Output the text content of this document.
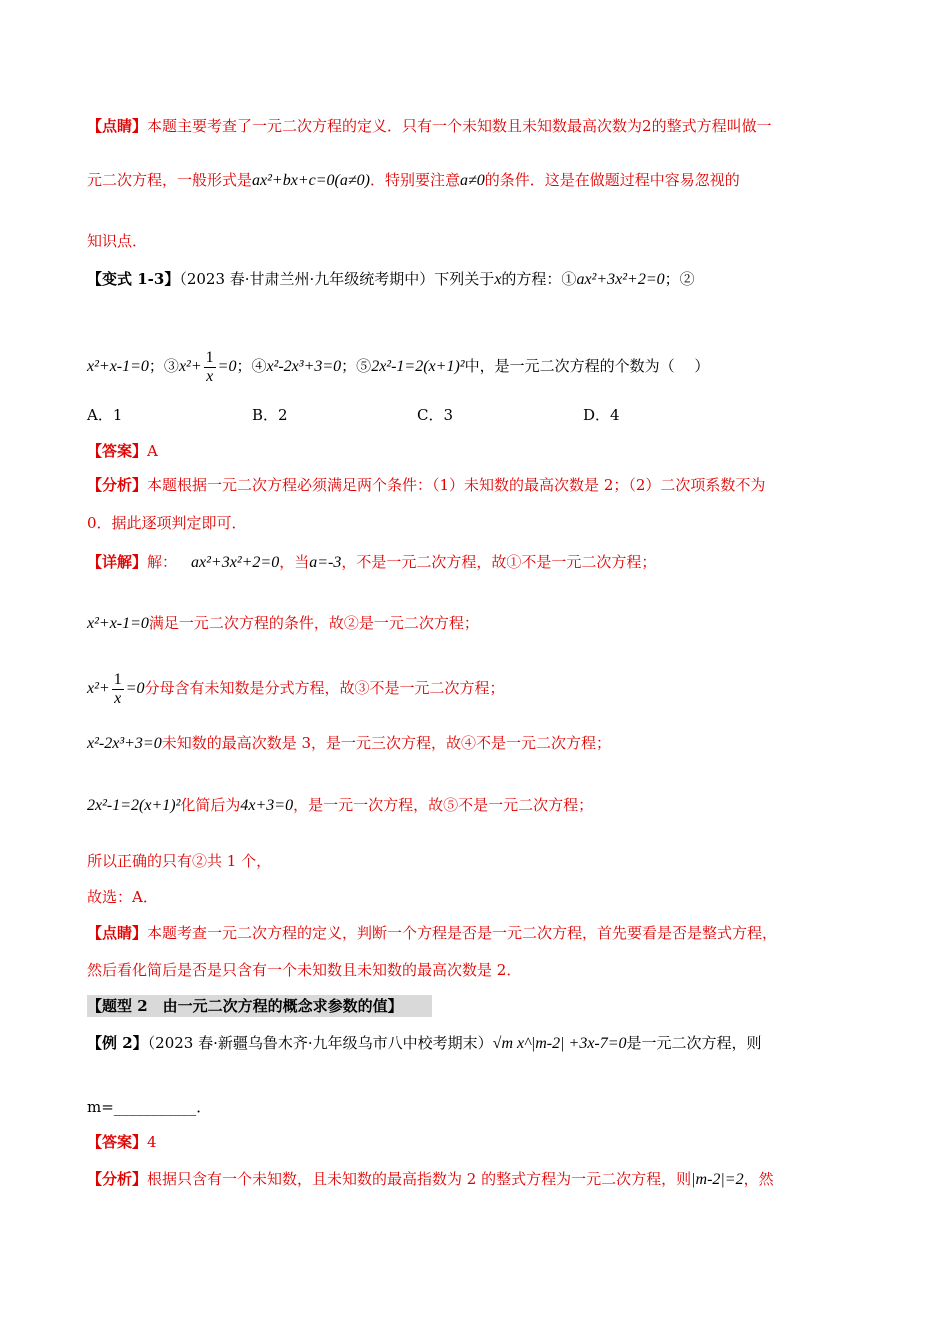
【点睛】本题主要考查了一元二次方程的定义．只有一个未知数且未知数最高次数为2的整式方程叫做一
元二次方程，一般形式是ax²+bx+c=0(a≠0)．特别要注意a≠0的条件．这是在做题过程中容易忽视的
知识点．
【变式 1-3】（2023 春·甘肃兰州·九年级统考期中）下列关于x的方程：①ax²+3x²+2=0；②
x²+x-1=0；③x²+ $\frac{1}{x} =0$；④x²-2x³+3=0；⑤2x²-1=2(x+1)²中，是一元二次方程的个数为（　 ）
A．1	B．2	C．3	D．4
【答案】A
【分析】本题根据一元二次方程必须满足两个条件：（1）未知数的最高次数是 2；（2）二次项系数不为
0．据此逐项判定即可．
【详解】解： ax²+3x²+2=0，当a=-3，不是一元二次方程，故①不是一元二次方程；
x²+x-1=0满足一元二次方程的条件，故②是一元二次方程；
$x^2+ \frac{1}{x} =0$分母含有未知数是分式方程，故③不是一元二次方程；
x²-2x³+3=0未知数的最高次数是 3，是一元三次方程，故④不是一元二次方程；
2x²-1=2(x+1)²化简后为4x+3=0，是一元一次方程，故⑤不是一元二次方程；
所以正确的只有②共 1 个，
故选：A．
【点睛】本题考查一元二次方程的定义，判断一个方程是否是一元二次方程，首先要看是否是整式方程，
然后看化简后是否是只含有一个未知数且未知数的最高次数是 2．
【题型 2　由一元二次方程的概念求参数的值】
【例 2】（2023 春·新疆乌鲁木齐·九年级乌市八中校考期末）√m x^|m-2| +3x-7=0是一元二次方程，则
m=___________．
【答案】4
【分析】根据只含有一个未知数，且未知数的最高指数为 2 的整式方程为一元二次方程，则|m-2|=2，然
